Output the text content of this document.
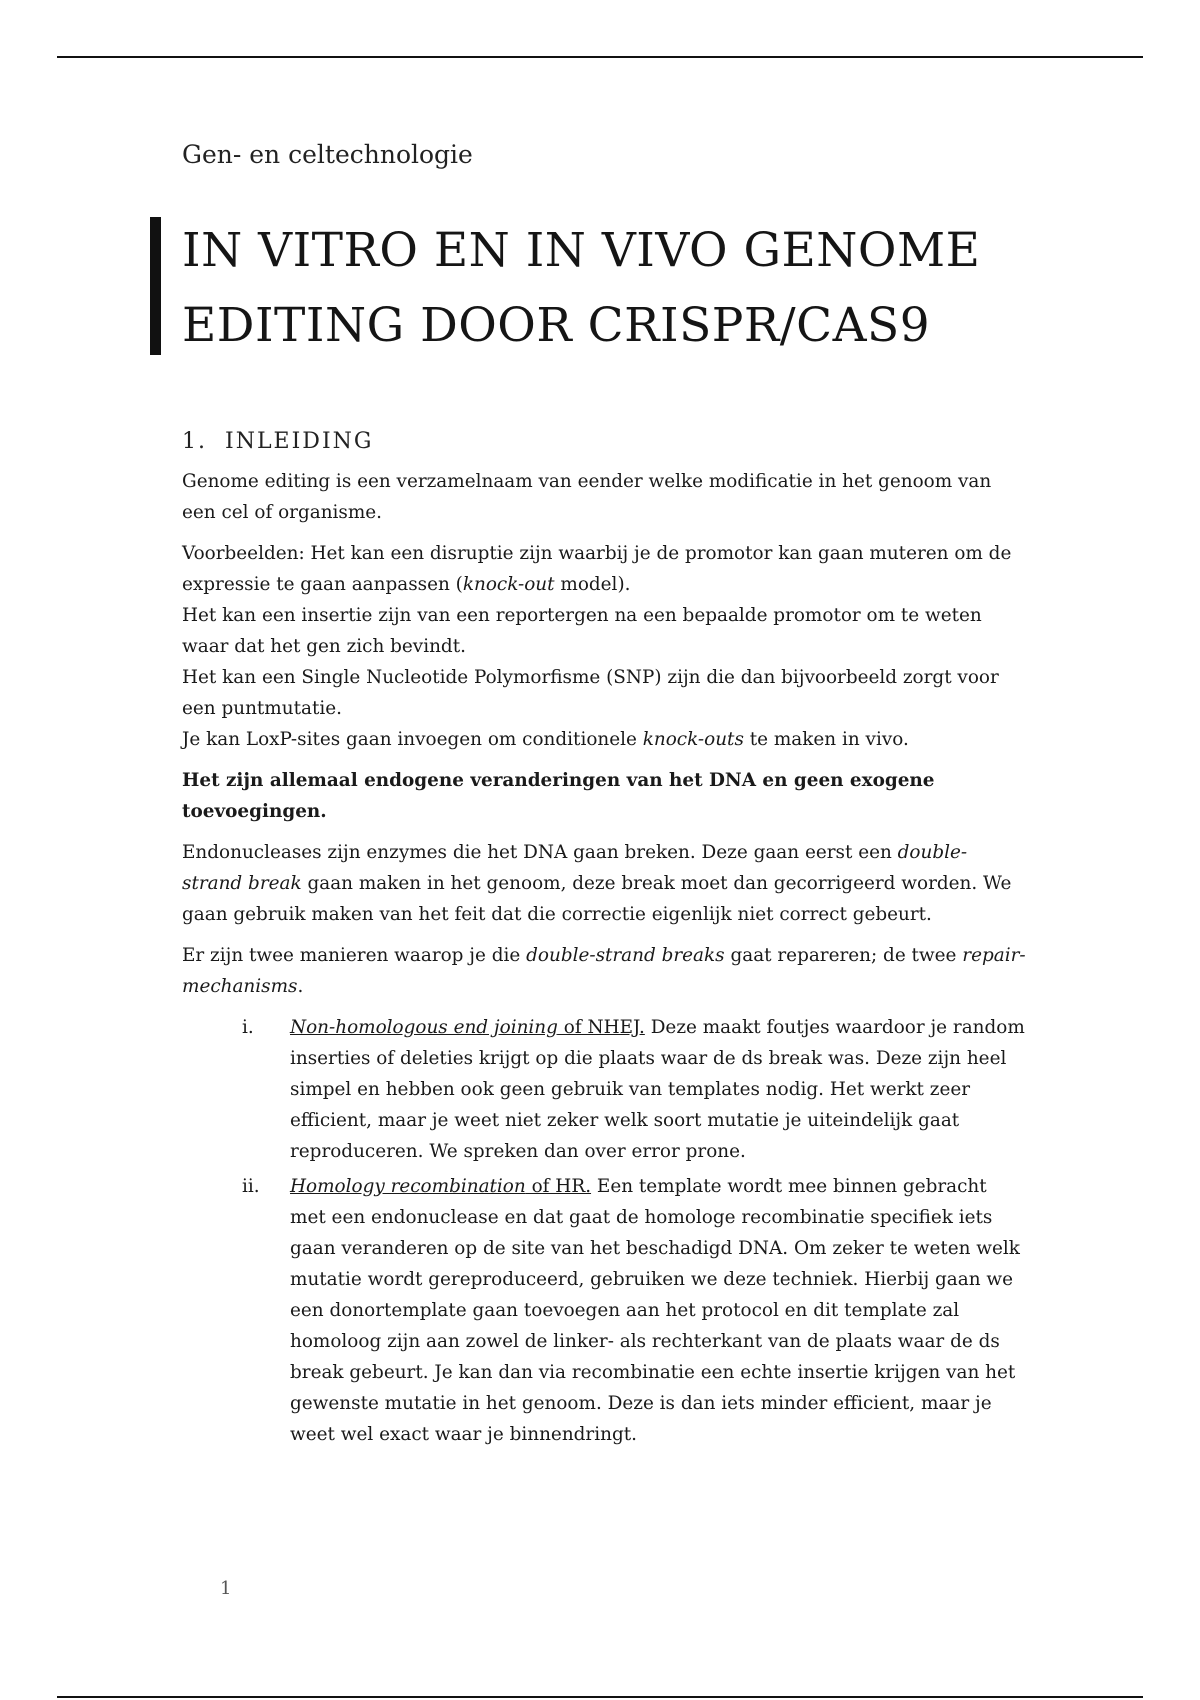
Gen- en celtechnologie
IN VITRO EN IN VIVO GENOME
EDITING DOOR CRISPR/CAS9
1. INLEIDING

Genome editing is een verzamelnaam van eender welke modificatie in het genoom van een cel of organisme.

Voorbeelden: Het kan een disruptie zijn waarbij je de promotor kan gaan muteren om de expressie te gaan aanpassen (knock-out model).
Het kan een insertie zijn van een reportergen na een bepaalde promotor om te weten waar dat het gen zich bevindt.
Het kan een Single Nucleotide Polymorfisme (SNP) zijn die dan bijvoorbeeld zorgt voor een puntmutatie.
Je kan LoxP-sites gaan invoegen om conditionele knock-outs te maken in vivo.

Het zijn allemaal endogene veranderingen van het DNA en geen exogene toevoegingen.

Endonucleases zijn enzymes die het DNA gaan breken. Deze gaan eerst een double-strand break gaan maken in het genoom, deze break moet dan gecorrigeerd worden. We gaan gebruik maken van het feit dat die correctie eigenlijk niet correct gebeurt.

Er zijn twee manieren waarop je die double-strand breaks gaat repareren; de twee repair-mechanisms.

i. Non-homologous end joining of NHEJ. Deze maakt foutjes waardoor je random inserties of deleties krijgt op die plaats waar de ds break was. Deze zijn heel simpel en hebben ook geen gebruik van templates nodig. Het werkt zeer efficient, maar je weet niet zeker welk soort mutatie je uiteindelijk gaat reproduceren. We spreken dan over error prone.
ii. Homology recombination of HR. Een template wordt mee binnen gebracht met een endonuclease en dat gaat de homologe recombinatie specifiek iets gaan veranderen op de site van het beschadigd DNA. Om zeker te weten welk mutatie wordt gereproduceerd, gebruiken we deze techniek. Hierbij gaan we een donortemplate gaan toevoegen aan het protocol en dit template zal homoloog zijn aan zowel de linker- als rechterkant van de plaats waar de ds break gebeurt. Je kan dan via recombinatie een echte insertie krijgen van het gewenste mutatie in het genoom. Deze is dan iets minder efficient, maar je weet wel exact waar je binnendringt.
1
